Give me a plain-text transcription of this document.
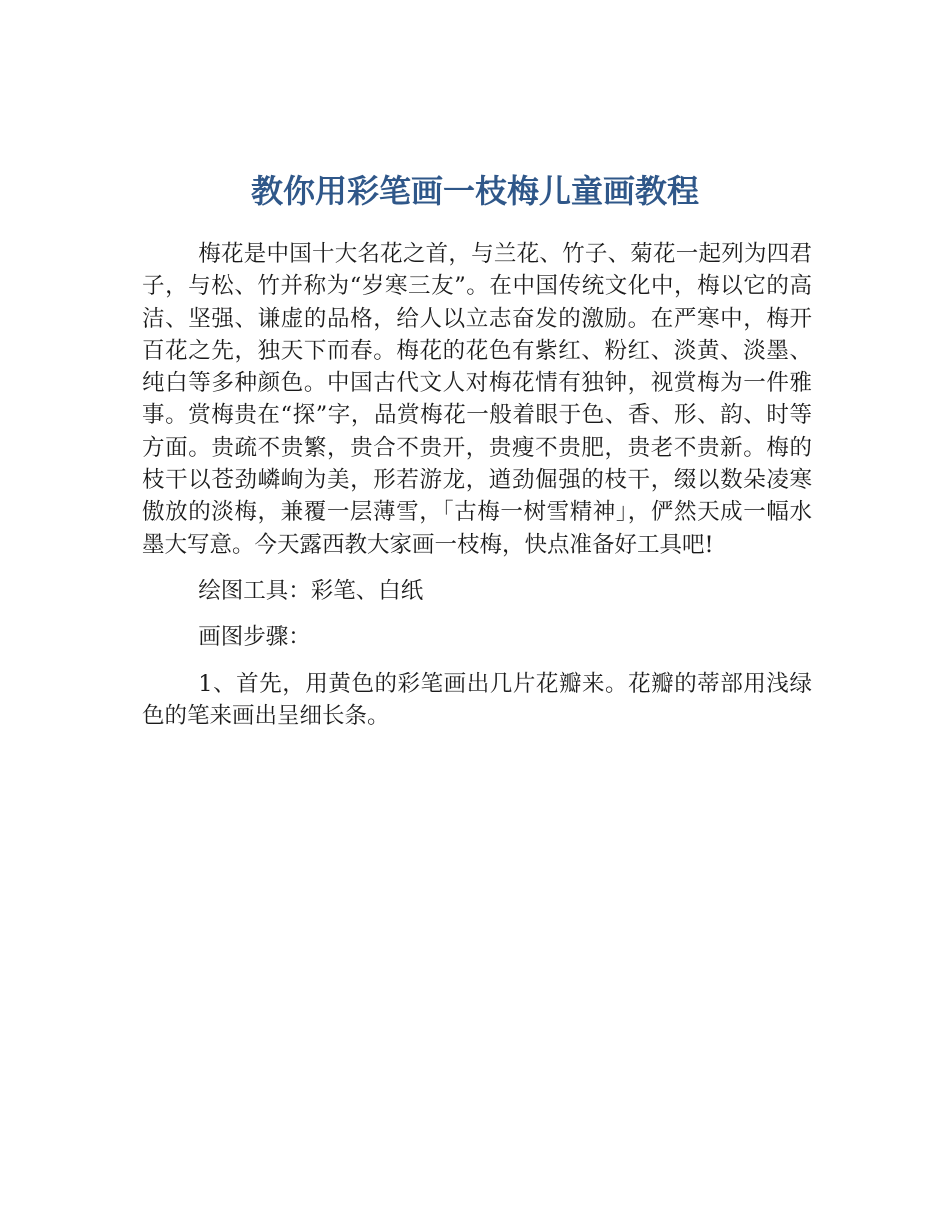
教你用彩笔画一枝梅儿童画教程

梅花是中国十大名花之首，与兰花、竹子、菊花一起列为四君子，与松、竹并称为“岁寒三友”。在中国传统文化中，梅以它的高洁、坚强、谦虚的品格，给人以立志奋发的激励。在严寒中，梅开百花之先，独天下而春。梅花的花色有紫红、粉红、淡黄、淡墨、纯白等多种颜色。中国古代文人对梅花情有独钟，视赏梅为一件雅事。赏梅贵在“探”字，品赏梅花一般着眼于色、香、形、韵、时等方面。贵疏不贵繁，贵合不贵开，贵瘦不贵肥，贵老不贵新。梅的枝干以苍劲嶙峋为美，形若游龙，遒劲倔强的枝干，缀以数朵凌寒傲放的淡梅，兼覆一层薄雪，「古梅一树雪精神」，俨然天成一幅水墨大写意。今天露西教大家画一枝梅，快点准备好工具吧!

绘图工具：彩笔、白纸

画图步骤：

1、首先，用黄色的彩笔画出几片花瓣来。花瓣的蒂部用浅绿色的笔来画出呈细长条。
